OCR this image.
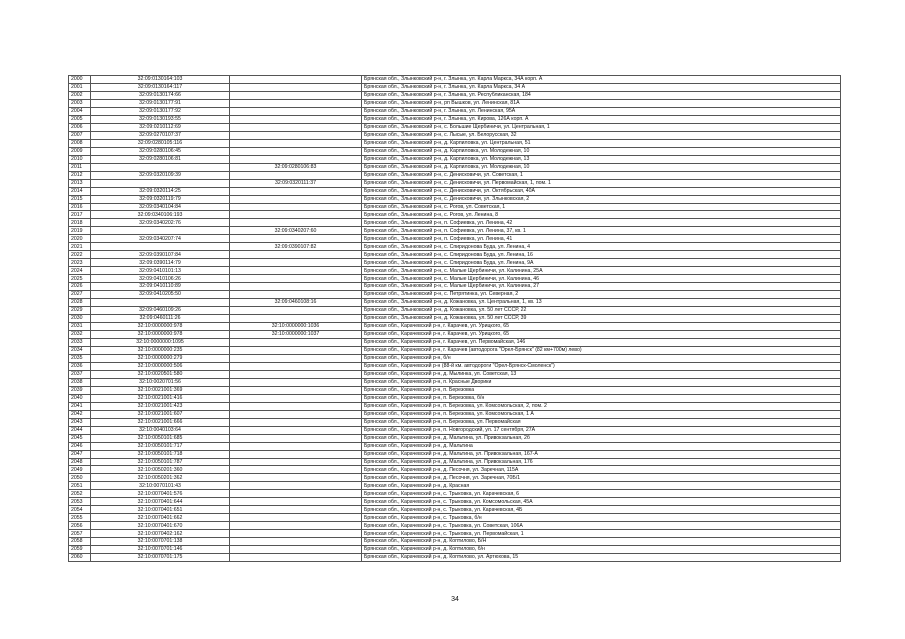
2000	32:09:0130164:103		Брянская обл., Злынковский р-н, г. Злынка, ул. Карла Маркса, 34А корп. А
2001	32:09:0130164:117		Брянская обл., Злынковский р-н, г. Злынка, ул. Карла Маркса, 34 А
2002	32:09:0130174:66		Брянская обл., Злынковский р-н, г. Злынка, ул. Республиканская, 184
2003	32:09:0130177:91		Брянская обл., Злынковский р-н, рп Вышков, ул. Ленинская, 81А
2004	32:09:0130177:92		Брянская обл., Злынковский р-н, г. Злынка, ул. Ленинская, 95А
2005	32:09:0130193:55		Брянская обл., Злынковский р-н, г. Злынка, ул. Кирова, 126А корп. А
2006	32:09:0210112:69		Брянская обл., Злынковский р-н, с. Большие Щербиничи, ул. Центральная, 1
2007	32:09:0270107:37		Брянская обл., Злынковский р-н, с. Лысые, ул. Белорусская, 32
2008	32:09:0280105:116		Брянская обл., Злынковский р-н, д. Карпиловка, ул. Центральная, 51
2009	32:09:0280106:45		Брянская обл., Злынковский р-н, д. Карпиловка, ул. Молодежная, 10
2010	32:09:0280106:81		Брянская обл., Злынковский р-н, д. Карпиловка, ул. Молодежная, 13
2011		32:09:0280106:83	Брянская обл., Злынковский р-н, д. Карпиловка, ул. Молодежная, 10
2012	32:09:0320109:39		Брянская обл., Злынковский р-н, с. Денисковичи, ул. Советская, 1
2013		32:09:0320111:37	Брянская обл., Злынковский р-н, с. Денисковичи, ул. Первомайская, 1, пом. 1
2014	32:09:0320114:25		Брянская обл., Злынковский р-н, с. Денисковичи, ул. Октябрьская, 40А
2015	32:09:0320119:79		Брянская обл., Злынковский р-н, с. Денисковичи, ул. Злынковская, 2
2016	32:09:0340104:84		Брянская обл., Злынковский р-н, с. Рогов, ул. Советская, 1
2017	32:09:0340106:193		Брянская обл., Злынковский р-н, с. Рогов, ул. Ленина, 8
2018	32:09:0340202:76		Брянская обл., Злынковский р-н, п. Софиевка, ул. Ленина, 42
2019		32:09:0340207:60	Брянская обл., Злынковский р-н, п. Софиевка, ул. Ленина, 37, кв. 1
2020	32:09:0340207:74		Брянская обл., Злынковский р-н, п. Софиевка, ул. Ленина, 41
2021		32:09:0390107:82	Брянская обл., Злынковский р-н, с. Спиридонова Буда, ул. Ленина, 4
2022	32:09:0390107:84		Брянская обл., Злынковский р-н, с. Спиридонова Буда, ул. Ленина, 16
2023	32:09:0390114:79		Брянская обл., Злынковский р-н, с. Спиридонова Буда, ул. Ленина, 9А
2024	32:09:0410101:13		Брянская обл., Злынковский р-н, с. Малые Щербиничи, ул. Калинина, 25А
2025	32:09:0410106:26		Брянская обл., Злынковский р-н, с. Малые Щербиничи, ул. Калинина, 46
2026	32:09:0410110:89		Брянская обл., Злынковский р-н, с. Малые Щербиничи, ул. Калинина, 27
2027	32:09:0410205:50		Брянская обл., Злынковский р-н, с. Петрятинка, ул. Северная, 2
2028		32:09:0460108:16	Брянская обл., Злынковский р-н, д. Кожановка, ул. Центральная, 1, кв. 13
2029	32:09:0460109:26		Брянская обл., Злынковский р-н, д. Кожановка, ул. 50 лет СССР, 22
2030	32:09:0460111:26		Брянская обл., Злынковский р-н, д. Кожановка, ул. 50 лет СССР, 39
2031	32:10:0000000:978	32:10:0000000:1036	Брянская обл., Карачевский р-н, г. Карачев, ул. Урицкого, 65
2032	32:10:0000000:978	32:10:0000000:1037	Брянская обл., Карачевский р-н, г. Карачев, ул. Урицкого, 65
2033	32:10:0000000:1095		Брянская обл., Карачевский р-н, г. Карачев, ул. Первомайская, 146
2034	32:10:0000000:235		Брянская обл., Карачевский р-н, г. Карачев (автодорога "Орел-Брянск" (82 км+700м) лево)
2035	32:10:0000000:279		Брянская обл., Карачевский р-н, б/н
2036	32:10:0000000:506		Брянская обл., Карачевский р-н (88-й км. автодороги "Орел-Брянск-Смоленск")
2037	32:10:0020501:580		Брянская обл., Карачевский р-н, д. Мылинка, ул. Советская, 13
2038	32:10:0020701:56		Брянская обл., Карачевский р-н, п. Красные Дворики
2039	32:10:0021001:369		Брянская обл., Карачевский р-н, п. Березовка
2040	32:10:0021001:416		Брянская обл., Карачевский р-н, п. Березовка, б/н
2041	32:10:0021001:423		Брянская обл., Карачевский р-н, п. Березовка, ул. Комсомольская, 2, пом. 2
2042	32:10:0021001:607		Брянская обл., Карачевский р-н, п. Березовка, ул. Комсомольская, 1 А
2043	32:10:0021001:666		Брянская обл., Карачевский р-н, п. Березовка, ул. Первомайская
2044	32:10:0040103:64		Брянская обл., Карачевский р-н, п. Новгородский, ул. 17 сентября, 27А
2045	32:10:0050101:685		Брянская обл., Карачевский р-н, д. Мальтина, ул. Привокзальная, 2б
2046	32:10:0050101:717		Брянская обл., Карачевский р-н, д. Мальтина
2047	32:10:0050101:718		Брянская обл., Карачевский р-н, д. Мальтина, ул. Привокзальная, 167-А
2048	32:10:0050101:787		Брянская обл., Карачевский р-н, д. Мальтина, ул. Привокзальная, 176
2049	32:10:0050201:360		Брянская обл., Карачевский р-н, д. Песочня, ул. Заречная, 115А
2050	32:10:0050201:362		Брянская обл., Карачевский р-н, д. Песочня, ул. Заречная, 70Б/1
2051	32:10:0070101:43		Брянская обл., Карачевский р-н, д. Красная
2052	32:10:0070401:576		Брянская обл., Карачевский р-н, с. Трыковка, ул. Карачевская, 6
2053	32:10:0070401:644		Брянская обл., Карачевский р-н, с. Трыковка, ул. Комсомольская, 45А
2054	32:10:0070401:651		Брянская обл., Карачевский р-н, с. Трыковка, ул. Карачевская, 4Б
2055	32:10:0070401:662		Брянская обл., Карачевский р-н, с. Трыковка, б/н
2056	32:10:0070401:670		Брянская обл., Карачевский р-н, с. Трыковка, ул. Советская, 106А
2057	32:10:0070402:162		Брянская обл., Карачевский р-н, с. Трыковка, ул. Первомайская, 1
2058	32:10:0070701:138		Брянская обл., Карачевский р-н, д. Коптилово, Б/Н
2059	32:10:0070701:146		Брянская обл., Карачевский р-н, д. Коптилово, б/н
2060	32:10:0070701:175		Брянская обл., Карачевский р-н, д. Коптилово, ул. Артюхова, 15
34
